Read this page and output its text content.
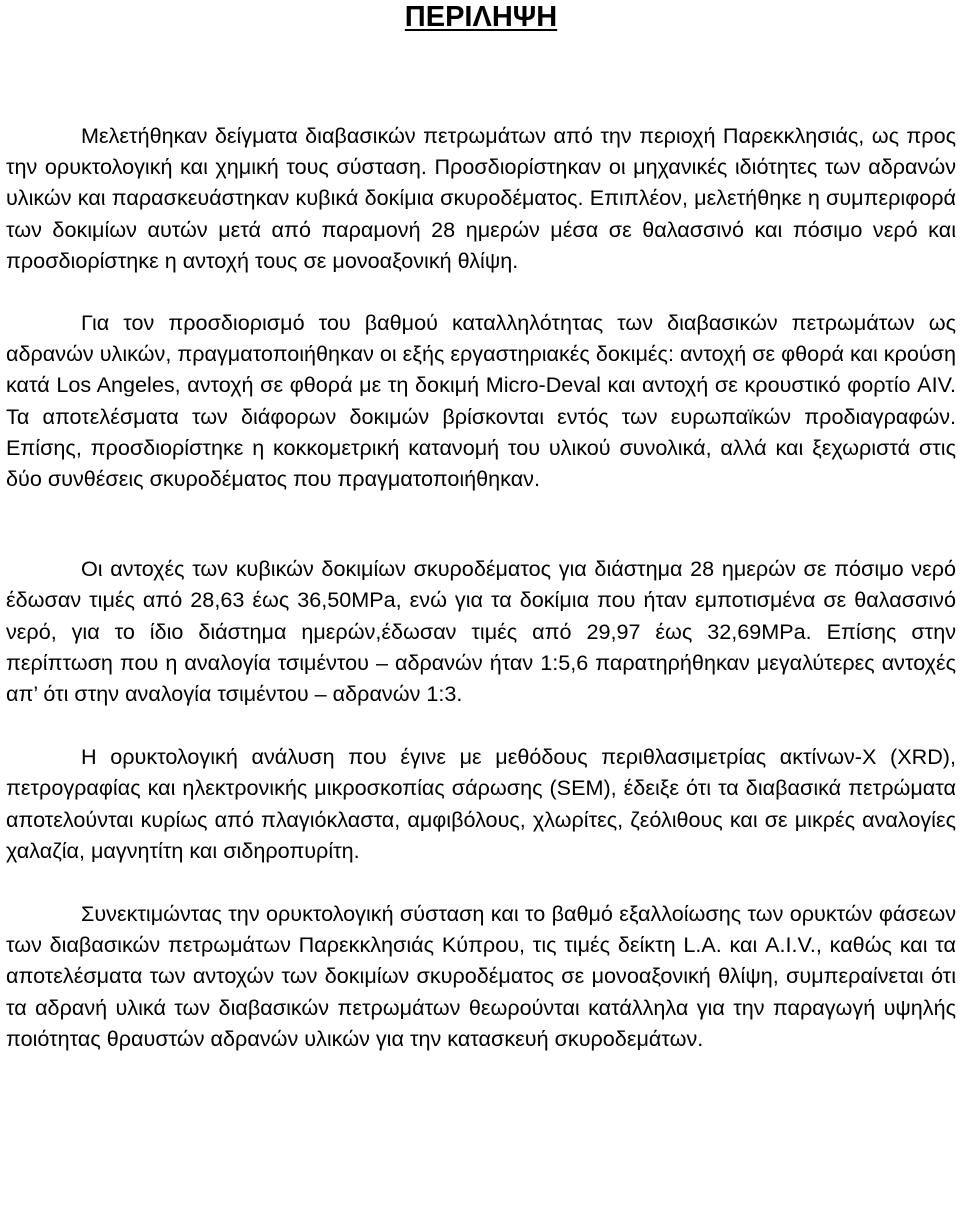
ΠΕΡΙΛΗΨΗ

Μελετήθηκαν δείγματα διαβασικών πετρωμάτων από την περιοχή Παρεκκλησιάς, ως προς την ορυκτολογική και χημική τους σύσταση. Προσδιορίστηκαν οι μηχανικές ιδιότητες των αδρανών υλικών και παρασκευάστηκαν κυβικά δοκίμια σκυροδέματος. Επιπλέον, μελετήθηκε η συμπεριφορά των δοκιμίων αυτών μετά από παραμονή 28 ημερών μέσα σε θαλασσινό και πόσιμο νερό και προσδιορίστηκε η αντοχή τους σε μονοαξονική θλίψη.

Για τον προσδιορισμό του βαθμού καταλληλότητας των διαβασικών πετρωμάτων ως αδρανών υλικών, πραγματοποιήθηκαν οι εξής εργαστηριακές δοκιμές: αντοχή σε φθορά και κρούση κατά Los Angeles, αντοχή σε φθορά με τη δοκιμή Micro-Deval και αντοχή σε κρουστικό φορτίο AIV. Τα αποτελέσματα των διάφορων δοκιμών βρίσκονται εντός των ευρωπαϊκών προδιαγραφών. Επίσης, προσδιορίστηκε η κοκκομετρική κατανομή του υλικού συνολικά, αλλά και ξεχωριστά στις δύο συνθέσεις σκυροδέματος που πραγματοποιήθηκαν.

Οι αντοχές των κυβικών δοκιμίων σκυροδέματος για διάστημα 28 ημερών σε πόσιμο νερό έδωσαν τιμές από 28,63 έως 36,50MPa, ενώ για τα δοκίμια που ήταν εμποτισμένα σε θαλασσινό νερό, για το ίδιο διάστημα ημερών,έδωσαν τιμές από 29,97 έως 32,69MPa. Επίσης στην περίπτωση που η αναλογία τσιμέντου – αδρανών ήταν 1:5,6 παρατηρήθηκαν μεγαλύτερες αντοχές απ’ ότι στην αναλογία τσιμέντου – αδρανών 1:3.

Η ορυκτολογική ανάλυση που έγινε με μεθόδους περιθλασιμετρίας ακτίνων-Χ (XRD), πετρογραφίας και ηλεκτρονικής μικροσκοπίας σάρωσης (SEM), έδειξε ότι τα διαβασικά πετρώματα αποτελούνται κυρίως από πλαγιόκλαστα, αμφιβόλους, χλωρίτες, ζεόλιθους και σε μικρές αναλογίες χαλαζία, μαγνητίτη και σιδηροπυρίτη.

Συνεκτιμώντας την ορυκτολογική σύσταση και το βαθμό εξαλλοίωσης των ορυκτών φάσεων των διαβασικών πετρωμάτων Παρεκκλησιάς Κύπρου, τις τιμές δείκτη L.A. και A.I.V., καθώς και τα αποτελέσματα των αντοχών των δοκιμίων σκυροδέματος σε μονοαξονική θλίψη, συμπεραίνεται ότι τα αδρανή υλικά των διαβασικών πετρωμάτων θεωρούνται κατάλληλα για την παραγωγή υψηλής ποιότητας θραυστών αδρανών υλικών για την κατασκευή σκυροδεμάτων.
